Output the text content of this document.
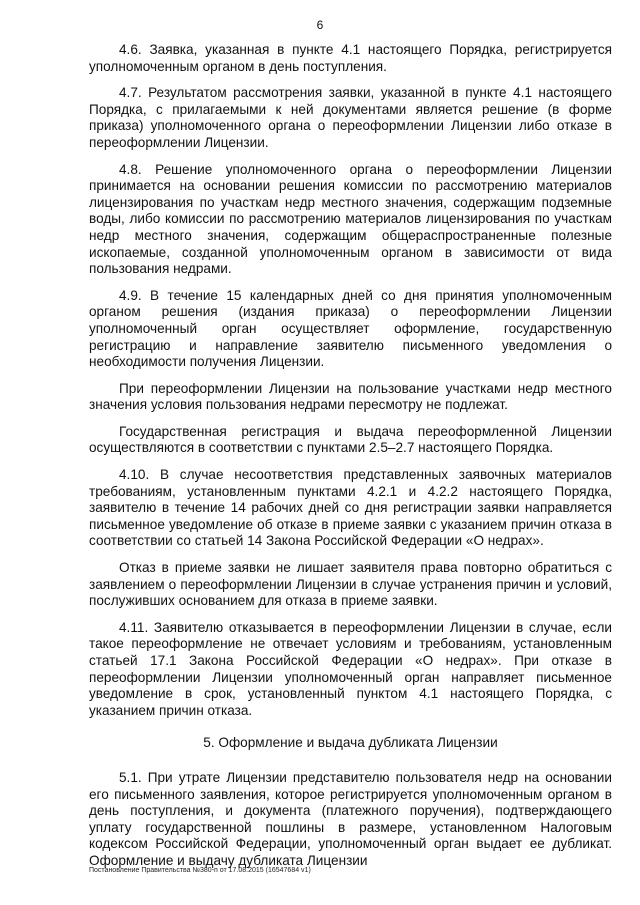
6

4.6. Заявка, указанная в пункте 4.1 настоящего Порядка, регистрируется уполномоченным органом в день поступления.

4.7. Результатом рассмотрения заявки, указанной в пункте 4.1 настоящего Порядка, с прилагаемыми к ней документами является решение (в форме приказа) уполномоченного органа о переоформлении Лицензии либо отказе в переоформлении Лицензии.

4.8. Решение уполномоченного органа о переоформлении Лицензии принимается на основании решения комиссии по рассмотрению материалов лицензирования по участкам недр местного значения, содержащим подземные воды, либо комиссии по рассмотрению материалов лицензирования по участкам недр местного значения, содержащим общераспространенные полезные ископаемые, созданной уполномоченным органом в зависимости от вида пользования недрами.

4.9. В течение 15 календарных дней со дня принятия уполномоченным органом решения (издания приказа) о переоформлении Лицензии уполномоченный орган осуществляет оформление, государственную регистрацию и направление заявителю письменного уведомления о необходимости получения Лицензии.

При переоформлении Лицензии на пользование участками недр местного значения условия пользования недрами пересмотру не подлежат.

Государственная регистрация и выдача переоформленной Лицензии осуществляются в соответствии с пунктами 2.5–2.7 настоящего Порядка.

4.10. В случае несоответствия представленных заявочных материалов требованиям, установленным пунктами 4.2.1 и 4.2.2 настоящего Порядка, заявителю в течение 14 рабочих дней со дня регистрации заявки направляется письменное уведомление об отказе в приеме заявки с указанием причин отказа в соответствии со статьей 14 Закона Российской Федерации «О недрах».

Отказ в приеме заявки не лишает заявителя права повторно обратиться с заявлением о переоформлении Лицензии в случае устранения причин и условий, послуживших основанием для отказа в приеме заявки.

4.11. Заявителю отказывается в переоформлении Лицензии в случае, если такое переоформление не отвечает условиям и требованиям, установленным статьей 17.1 Закона Российской Федерации «О недрах». При отказе в переоформлении Лицензии уполномоченный орган направляет письменное уведомление в срок, установленный пунктом 4.1 настоящего Порядка, с указанием причин отказа.

5. Оформление и выдача дубликата Лицензии

5.1. При утрате Лицензии представителю пользователя недр на основании его письменного заявления, которое регистрируется уполномоченным органом в день поступления, и документа (платежного поручения), подтверждающего уплату государственной пошлины в размере, установленном Налоговым кодексом Российской Федерации, уполномоченный орган выдает ее дубликат. Оформление и выдачу дубликата Лицензии

Постановление Правительства №380-п от 17.08.2015 (16547684 v1)
